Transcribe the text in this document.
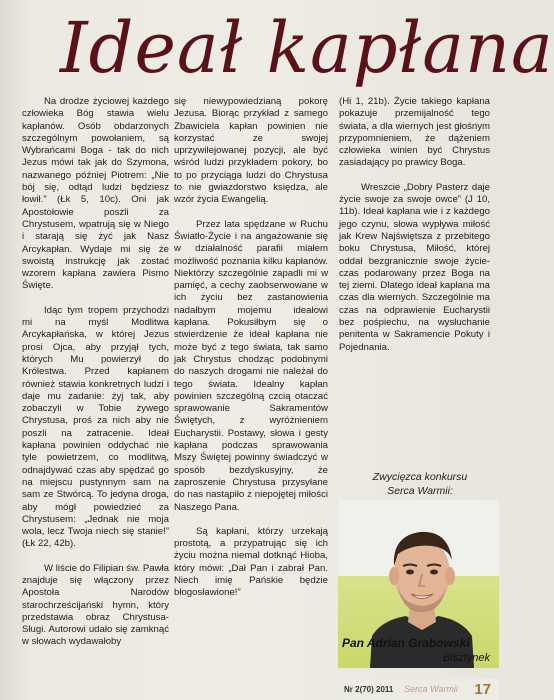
Ideał kapłana

Na drodze życiowej każdego człowieka Bóg stawia wielu kapłanów. Osób obdarzonych szczególnym powołaniem, są Wybrańcami Boga - tak do nich Jezus mówi tak jak do Szymona, nazwanego później Piotrem: „Nie bój się, odtąd ludzi będziesz łowił.” (Łk 5, 10c). Oni jak Apostołowie poszli za Chrystusem, wpatrują się w Niego i starają się żyć jak Nasz Arcykapłan. Wydaje mi się że swoistą instrukcję jak zostać wzorem kapłana zawiera Pismo Święte.

Idąc tym tropem przychodzi mi na myśl Modlitwa Arcykapłańska, w której Jezus prosi Ojca, aby przyjął tych, których Mu powierzył do Królestwa. Przed kapłanem również stawia konkretnych ludzi i daje mu zadanie: żyj tak, aby zobaczyli w Tobie żywego Chrystusa, proś za nich aby nie poszli na zatracenie. Ideał kapłana powinien oddychać nie tyle powietrzem, co modlitwą, odnajdywać czas aby spędzać go na miejscu pustynnym sam na sam ze Stwórcą. To jedyna droga, aby mógł powiedzieć za Chrystusem: „Jednak nie moja wola, lecz Twoja niech się stanie!” (Łk 22, 42b).

W liście do Filipian św. Pawła znajduje się włączony przez Apostoła Narodów starochrześcijański hymn, który przedstawia obraz Chrystusa-Sługi. Autorowi udało się zamknąć w słowach wydawałoby

się niewypowiedzianą pokorę Jezusa. Biorąc przykład z samego Zbawiciela kapłan powinien nie korzystać ze swojej uprzywilejowanej pozycji, ale być wśród ludzi przykładem pokory, bo to po przyciąga ludzi do Chrystusa to nie gwiazdorstwo księdza, ale wzór życia Ewangelią.

Przez lata spędzane w Ruchu Światło-Życie i na angażowanie się w działalność parafii miałem możliwość poznania kilku kapłanów. Niektórzy szczególnie zapadli mi w pamięć, a cechy zaobserwowane w ich życiu bez zastanowienia nadałbym mojemu ideałowi kapłana. Pokusiłbym się o stwierdzenie że ideał kapłana nie może być z tego świata, tak samo jak Chrystus chodząc podobnymi do naszych drogami nie należał do tego świata. Idealny kapłan powinien szczególną czcią otaczać sprawowanie Sakramentów Świętych, z wyróżnieniem Eucharystii. Postawy, słowa i gesty kapłana podczas sprawowania Mszy Świętej powinny świadczyć w sposób bezdyskusyjny, że zaproszenie Chrystusa przysyłane do nas nastąpiło z niepojętej miłości Naszego Pana.

Są kapłani, którzy urzekają prostotą, a przypatrując się ich życiu można niemal dotknąć Hioba, który mówi: „Dał Pan i zabrał Pan. Niech imię Pańskie będzie błogosławione!”

(Hi 1, 21b). Życie takiego kapłana pokazuje przemijalność tego świata, a dla wiernych jest głośnym przypomnieniem, że dążeniem człowieka winien być Chrystus zasiadający po prawicy Boga.

Wreszcie „Dobry Pasterz daje życie swoje za swoje owce” (J 10, 11b). Ideał kapłana wie i z każdego jego czynu, słowa wypływa miłość jak Krew Najświętsza z przebitego boku Chrystusa, Miłość, której oddał bezgranicznie swoje życie-czas podarowany przez Boga na tej ziemi. Dlatego ideał kapłana ma czas dla wiernych. Szczególnie ma czas na odprawienie Eucharystii bez pośpiechu, na wysłuchanie penitenta w Sakramencie Pokuty i Pojednania.

Zwycięzca konkursu
Serca Warmii:
Pan Adrian Grabowski
Bisztynek
Nr 2(70) 2011 Serca Warmii 17
